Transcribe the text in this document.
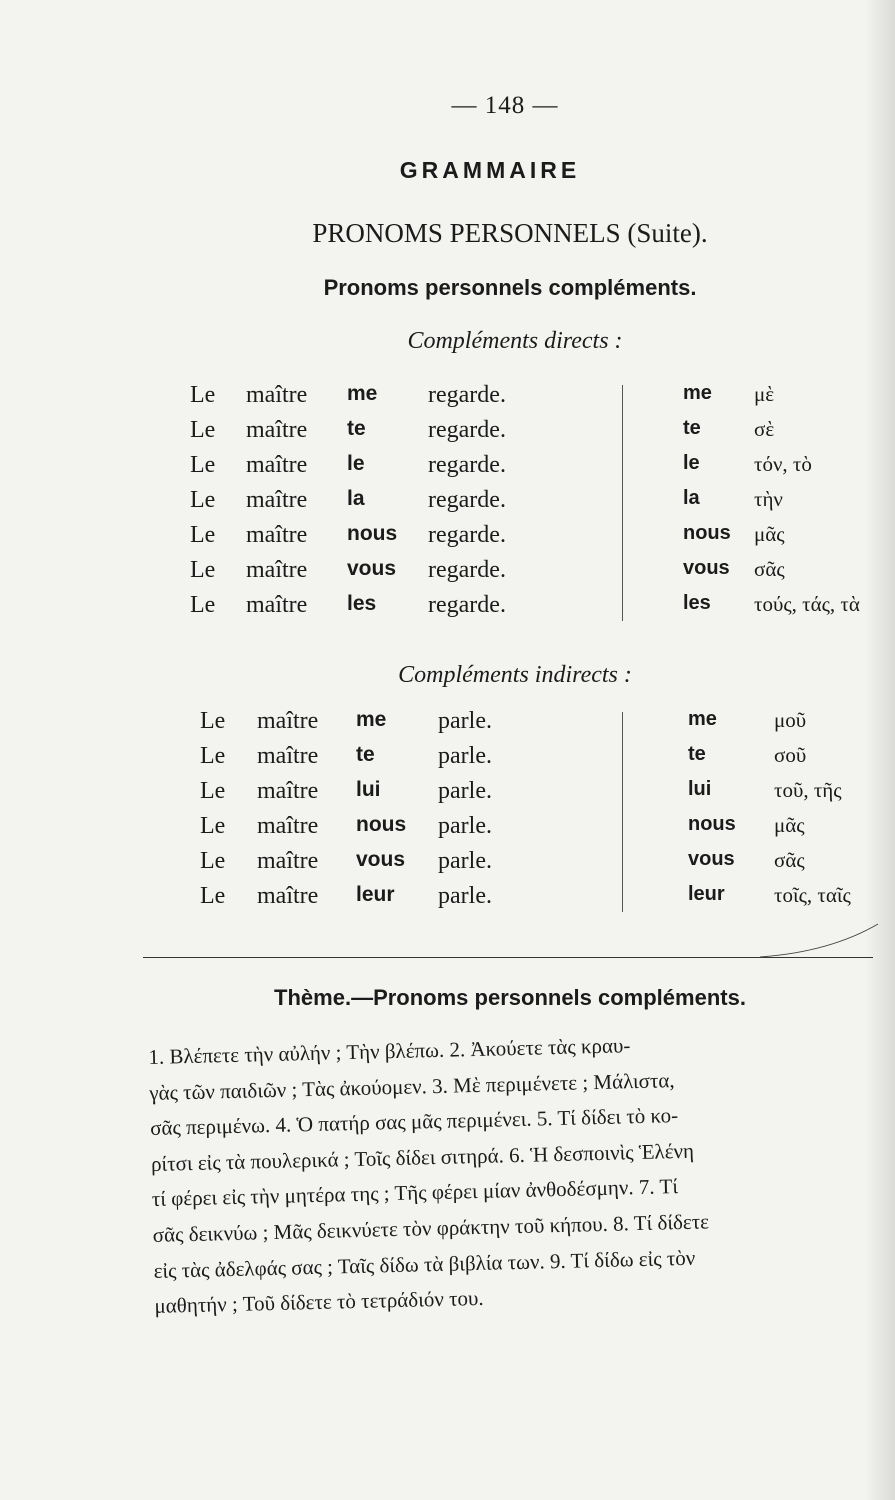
— 148 —
GRAMMAIRE
PRONOMS PERSONNELS (Suite).
Pronoms personnels compléments.
Compléments directs :
Le maître me regarde.	me μὲ
Le maître te	regarde.	te	σὲ
Le maître le	regarde.	le	τόν, τὸ
Le maître la	regarde.	la	τὴν
Le maître nous regarde.	nous μᾶς
Le maître vous regarde.	vous σᾶς
Le maître les regarde.	les τούς, τάς, τὰ
Compléments indirects :
Le maître me parle.	me	μοῦ
Le maître te	parle.	te	σοῦ
Le maître lui parle.	lui	τοῦ, τῆς
Le maître nous parle.	nous μᾶς
Le maître vous parle.	vous σᾶς
Le maître leur parle.	leur τοῖς, ταῖς
Thème.—Pronoms personnels compléments.
1. Βλέπετε τὴν αὐλήν ; Τὴν βλέπω. 2. Ἀκούετε τὰς κραυ-
γὰς τῶν παιδιῶν ; Τὰς ἀκούομεν. 3. Μὲ περιμένετε ; Μάλιστα,
σᾶς περιμένω. 4. Ὁ πατήρ σας μᾶς περιμένει. 5. Τί δίδει τὸ κο-
ρίτσι εἰς τὰ πουλερικά ; Τοῖς δίδει σιτηρά. 6. Ἡ δεσποινὶς Ἑλένη
τί φέρει εἰς τὴν μητέρα της ; Τῆς φέρει μίαν ἀνθοδέσμην. 7. Τί
σᾶς δεικνύω ; Μᾶς δεικνύετε τὸν φράκτην τοῦ κήπου. 8. Τί δίδετε
εἰς τὰς ἀδελφάς σας ; Ταῖς δίδω τὰ βιβλία των. 9. Τί δίδω εἰς τὸν
μαθητήν ; Τοῦ δίδετε τὸ τετράδιόν του.
